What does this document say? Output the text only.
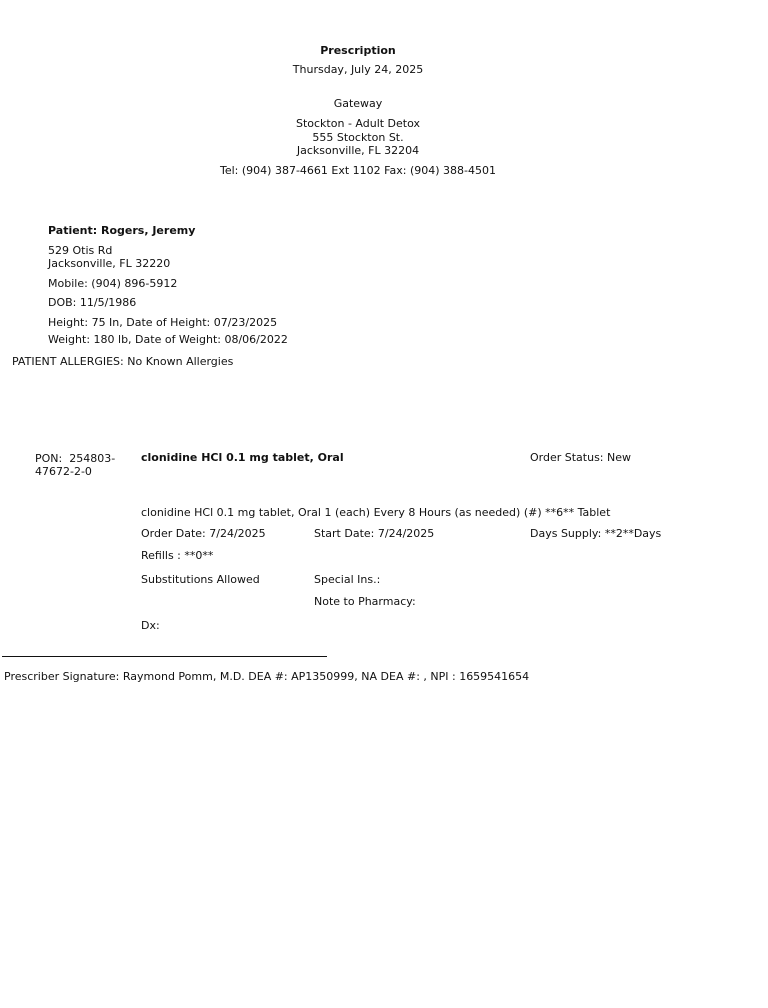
Prescription
Thursday, July 24, 2025
Gateway
Stockton - Adult Detox
555 Stockton St.
Jacksonville, FL 32204
Tel: (904) 387-4661 Ext 1102 Fax: (904) 388-4501
Patient: Rogers, Jeremy
529 Otis Rd
Jacksonville, FL 32220
Mobile: (904) 896-5912
DOB: 11/5/1986
Height: 75 In, Date of Height: 07/23/2025
Weight: 180 lb, Date of Weight: 08/06/2022
PATIENT ALLERGIES: No Known Allergies
PON:  254803-
47672-2-0
clonidine HCl 0.1 mg tablet, Oral	Order Status: New
clonidine HCl 0.1 mg tablet, Oral 1 (each) Every 8 Hours (as needed) (#) **6** Tablet
Order Date: 7/24/2025	Start Date: 7/24/2025	Days Supply: **2**Days
Refills : **0**
Substitutions Allowed	Special Ins.:
Note to Pharmacy:
Dx:
Prescriber Signature: Raymond Pomm, M.D. DEA #: AP1350999, NA DEA #: , NPI : 1659541654
